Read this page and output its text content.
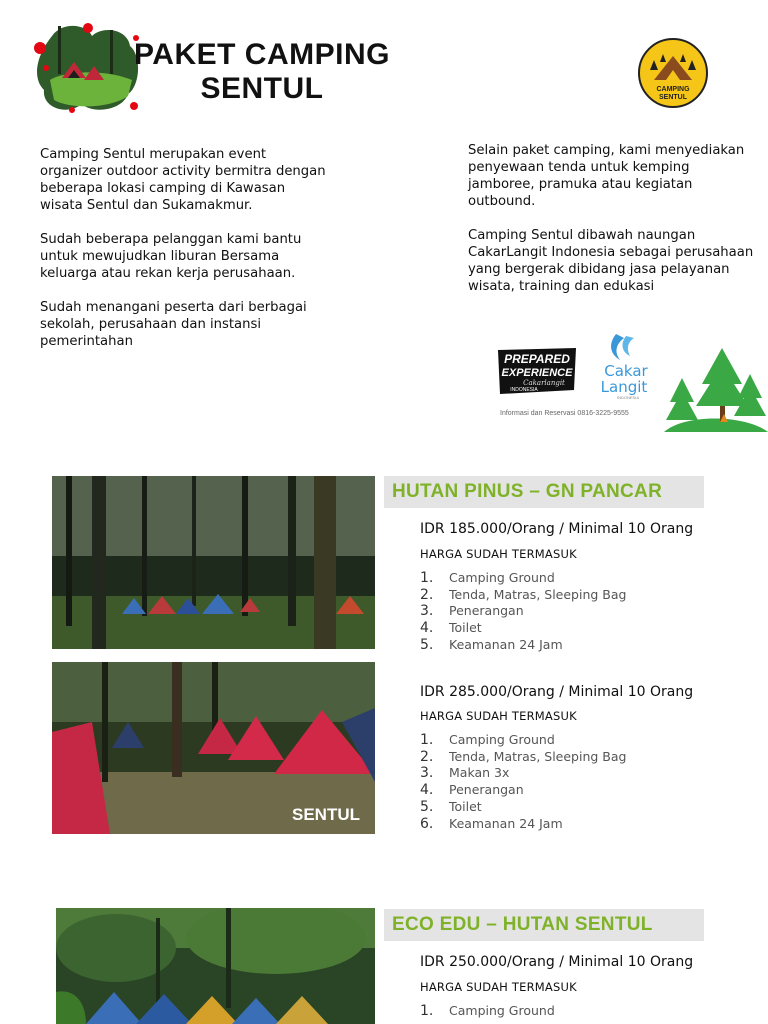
PAKET CAMPING
SENTUL	CAMPING
SENTUL

Camping Sentul merupakan event organizer outdoor activity bermitra dengan beberapa lokasi camping di Kawasan wisata Sentul dan Sukamakmur.

Sudah beberapa pelanggan kami bantu untuk mewujudkan liburan Bersama keluarga atau rekan kerja perusahaan.

Sudah menangani peserta dari berbagai sekolah, perusahaan dan instansi pemerintahan

Selain paket camping, kami menyediakan penyewaan tenda untuk kemping jamboree, pramuka atau kegiatan outbound.

Camping Sentul dibawah naungan CakarLangit Indonesia sebagai perusahaan yang bergerak dibidang jasa pelayanan wisata, training dan edukasi

PREPARED
EXPERIENCE
Cakarlangit
INDONESIA
Cakar
Langit
INDONESIA
Informasi dan Reservasi 0816-3225-9555
SENTUL
HUTAN PINUS – GN PANCAR
IDR 185.000/Orang / Minimal 10 Orang
HARGA SUDAH TERMASUK
1. Camping Ground
2. Tenda, Matras, Sleeping Bag
3. Penerangan
4. Toilet
5. Keamanan 24 Jam
IDR 285.000/Orang / Minimal 10 Orang
HARGA SUDAH TERMASUK
1. Camping Ground
2. Tenda, Matras, Sleeping Bag
3. Makan 3x
4. Penerangan
5. Toilet
6. Keamanan 24 Jam
ECO EDU – HUTAN SENTUL
IDR 250.000/Orang / Minimal 10 Orang
HARGA SUDAH TERMASUK
1. Camping Ground
